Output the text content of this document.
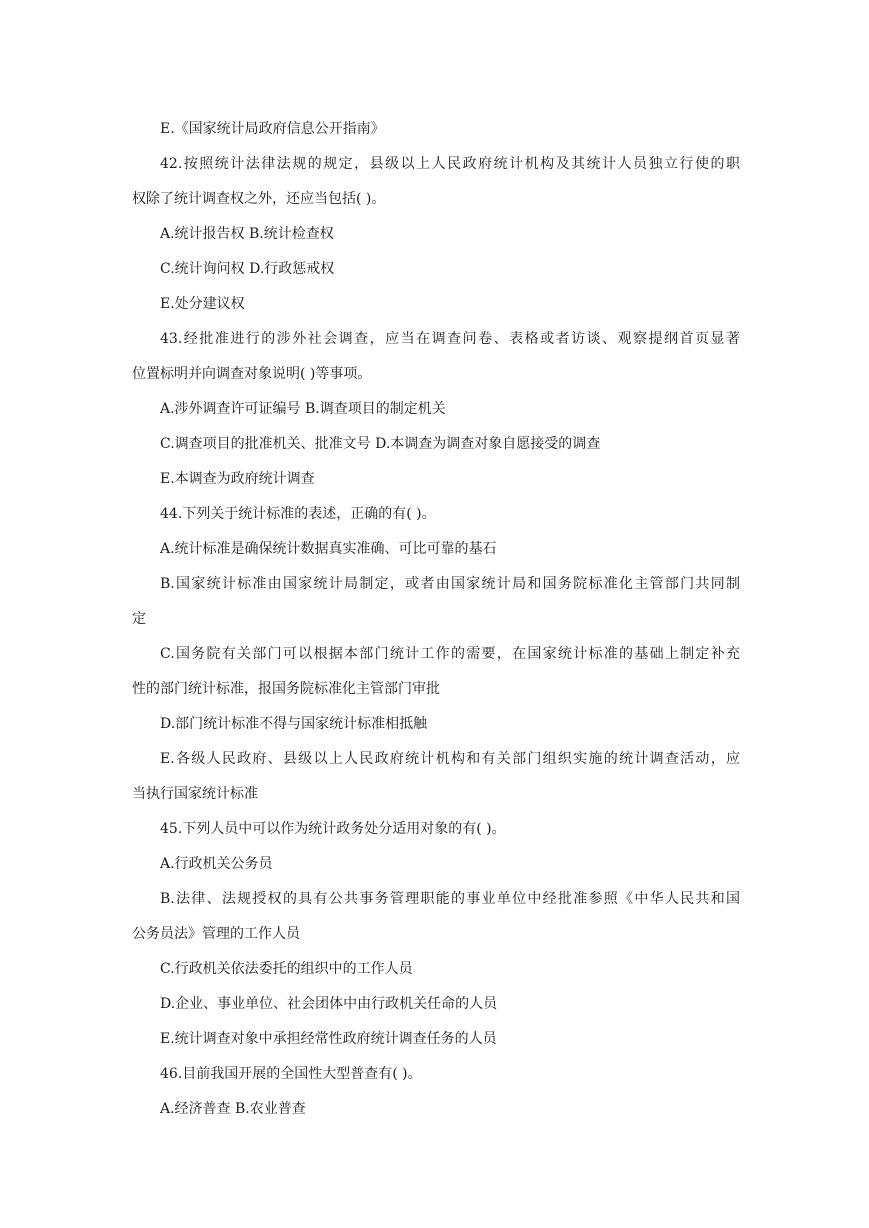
E.《国家统计局政府信息公开指南》
42.按照统计法律法规的规定，县级以上人民政府统计机构及其统计人员独立行使的职
权除了统计调查权之外，还应当包括( )。
A.统计报告权 B.统计检查权
C.统计询问权 D.行政惩戒权
E.处分建议权
43.经批准进行的涉外社会调查，应当在调查问卷、表格或者访谈、观察提纲首页显著
位置标明并向调查对象说明( )等事项。
A.涉外调查许可证编号 B.调查项目的制定机关
C.调查项目的批准机关、批准文号 D.本调查为调查对象自愿接受的调查
E.本调查为政府统计调查
44.下列关于统计标准的表述，正确的有( )。
A.统计标准是确保统计数据真实准确、可比可靠的基石
B.国家统计标准由国家统计局制定，或者由国家统计局和国务院标准化主管部门共同制
定
C.国务院有关部门可以根据本部门统计工作的需要，在国家统计标准的基础上制定补充
性的部门统计标准，报国务院标准化主管部门审批
D.部门统计标准不得与国家统计标准相抵触
E.各级人民政府、县级以上人民政府统计机构和有关部门组织实施的统计调查活动，应
当执行国家统计标准
45.下列人员中可以作为统计政务处分适用对象的有( )。
A.行政机关公务员
B.法律、法规授权的具有公共事务管理职能的事业单位中经批准参照《中华人民共和国
公务员法》管理的工作人员
C.行政机关依法委托的组织中的工作人员
D.企业、事业单位、社会团体中由行政机关任命的人员
E.统计调查对象中承担经常性政府统计调查任务的人员
46.目前我国开展的全国性大型普查有( )。
A.经济普查 B.农业普查
